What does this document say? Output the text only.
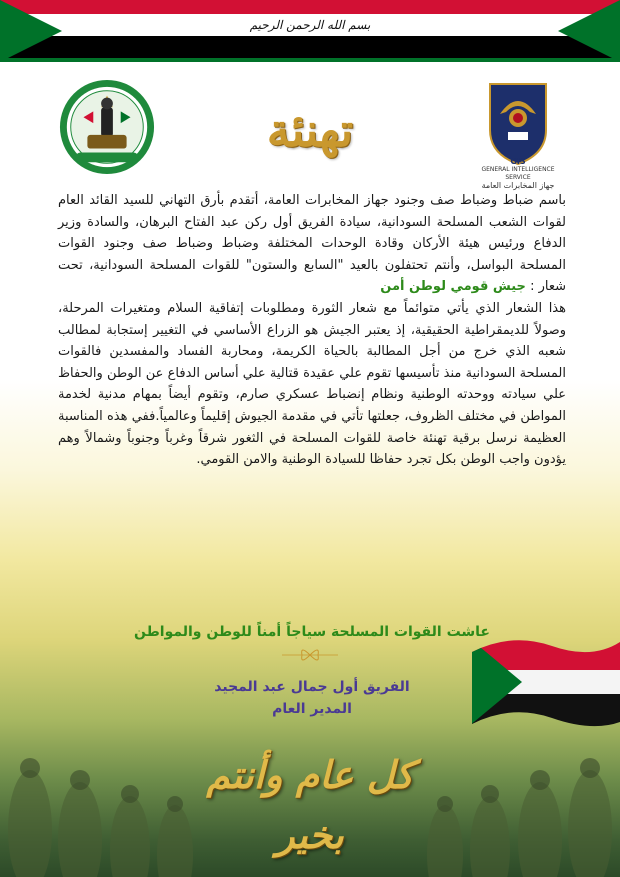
بسم الله الرحمن الرحيم
GIS
GENERAL INTELLIGENCE SERVICE
جهاز المخابرات العامة
تهنئة

باسم ضباط وضباط صف وجنود جهاز المخابرات العامة، أتقدم بأرق التهاني للسيد القائد العام لقوات الشعب المسلحة السودانية، سيادة الفريق أول ركن عبد الفتاح البرهان، والسادة وزير الدفاع ورئيس هيئة الأركان وقادة الوحدات المختلفة وضباط وضباط صف وجنود القوات المسلحة البواسل، وأنتم تحتفلون بالعيد "السابع والستون" للقوات المسلحة السودانية، تحت شعار : جيش قومي لوطن أمن

هذا الشعار الذي يأتي متوائماً مع شعار الثورة ومطلوبات إتفاقية السلام ومتغيرات المرحلة، وصولاً للديمقراطية الحقيقية، إذ يعتبر الجيش هو الزراع الأساسي في التغيير إستجابة لمطالب شعبه الذي خرج من أجل المطالبة بالحياة الكريمة، ومحاربة الفساد والمفسدين فالقوات المسلحة السودانية منذ تأسيسها تقوم علي عقيدة قتالية علي أساس الدفاع عن الوطن والحفاظ علي سيادته ووحدته الوطنية ونظام إنضباط عسكري صارم، وتقوم أيضاً بمهام مدنية لخدمة المواطن في مختلف الظروف، جعلتها تأتي في مقدمة الجيوش إقليماً وعالمياً.ففي هذه المناسبة العظيمة نرسل برقية تهنئة خاصة للقوات المسلحة في الثغور شرقاً وغرباً وجنوباً وشمالاً وهم يؤدون واجب الوطن بكل تجرد حفاظا للسيادة الوطنية والامن القومي.

عاشت القوات المسلحة سياجاً أمناً للوطن والمواطن
الفريق أول جمال عبد المجيد
المدير العام
كل عام وأنتم بخير
